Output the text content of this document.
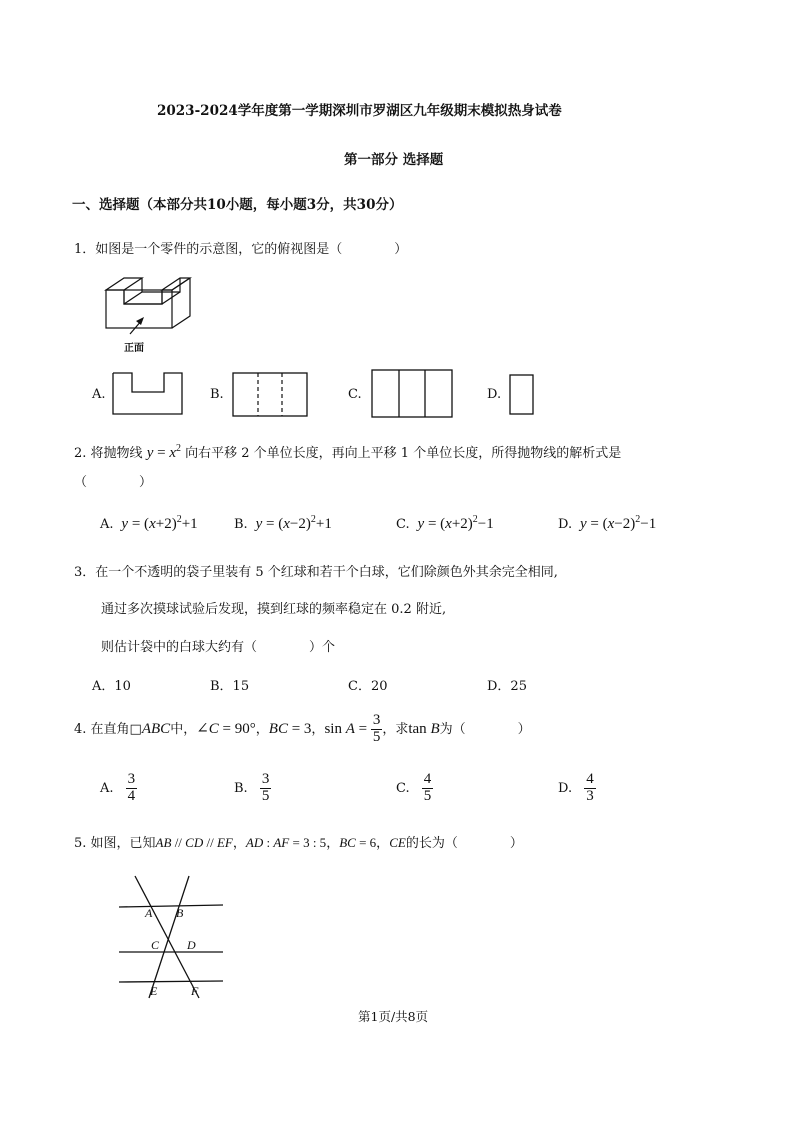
2023-2024学年度第一学期深圳市罗湖区九年级期末模拟热身试卷
第一部分 选择题
一、选择题（本部分共10小题，每小题3分，共30分）
1．如图是一个零件的示意图，它的俯视图是（　　　　）
正面
A.	B.	C.	D.
2. 将抛物线 $y = x^2$ 向右平移 2 个单位长度，再向上平移 1 个单位长度，所得抛物线的解析式是
（　　　　）
A.  $y = (x+2)^2+1$	B.  $y = (x-2)^2+1$	C.  $y = (x+2)^2-1$	D.  $y = (x-2)^2-1$
3．在一个不透明的袋子里装有 5 个红球和若干个白球，它们除颜色外其余完全相同,
通过多次摸球试验后发现，摸到红球的频率稳定在 0.2 附近,
则估计袋中的白球大约有（　　　　）个
A．10	B．15	C．20	D．25
4. 在直角□ABC中，∠C = 90°，BC = 3，$\sin A = \frac{3}{5}$ ，求tan B为（　　　　）
A. $\frac{3}{4}$	B. $\frac{3}{5}$	C. $\frac{4}{5}$	D. $\frac{4}{3}$
5. 如图，已知AB // CD // EF，AD : AF = 3 : 5，BC = 6，CE的长为（　　　　）
A B
C D
E	F
第1页/共8页
